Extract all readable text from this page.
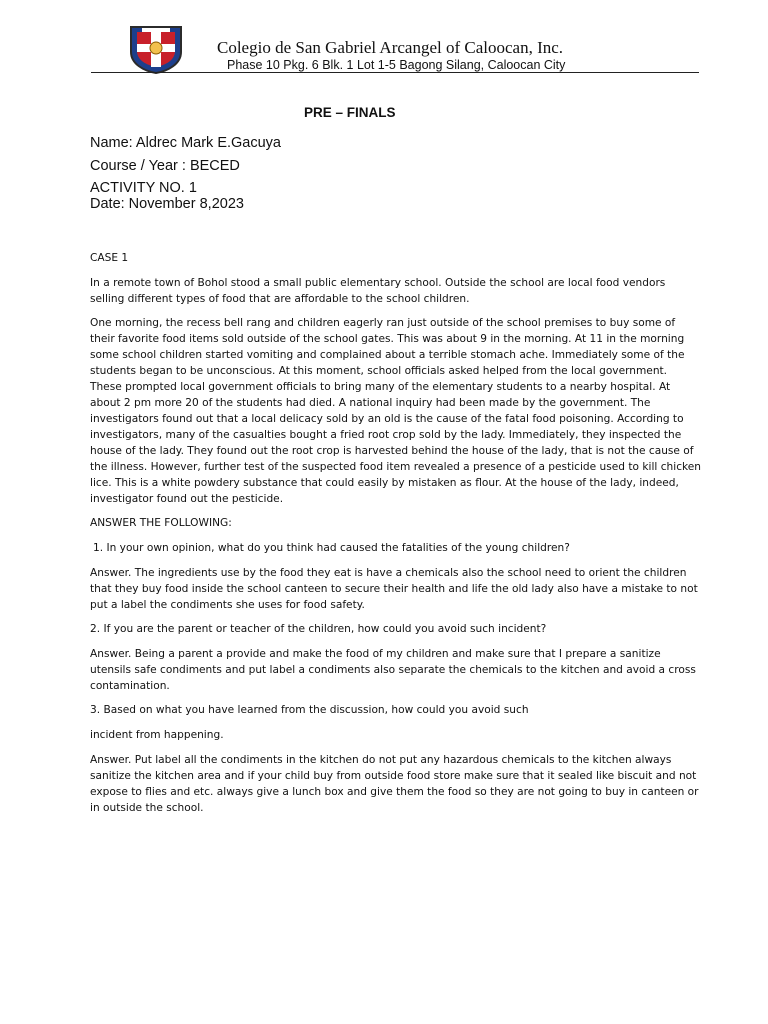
Colegio de San Gabriel Arcangel of Caloocan, Inc.
Phase 10 Pkg. 6 Blk. 1 Lot 1-5 Bagong Silang, Caloocan City
PRE – FINALS
Name: Aldrec Mark E.Gacuya
Course / Year : BECED
ACTIVITY NO. 1
Date: November 8,2023

CASE 1

In a remote town of Bohol stood a small public elementary school. Outside the school are local food vendors selling different types of food that are affordable to the school children.

One morning, the recess bell rang and children eagerly ran just outside of the school premises to buy some of their favorite food items sold outside of the school gates. This was about 9 in the morning. At 11 in the morning some school children started vomiting and complained about a terrible stomach ache. Immediately some of the students began to be unconscious. At this moment, school officials asked helped from the local government. These prompted local government officials to bring many of the elementary students to a nearby hospital. At about 2 pm more 20 of the students had died. A national inquiry had been made by the government. The investigators found out that a local delicacy sold by an old is the cause of the fatal food poisoning. According to investigators, many of the casualties bought a fried root crop sold by the lady. Immediately, they inspected the house of the lady. They found out the root crop is harvested behind the house of the lady, that is not the cause of the illness. However, further test of the suspected food item revealed a presence of a pesticide used to kill chicken lice. This is a white powdery substance that could easily by mistaken as flour. At the house of the lady, indeed, investigator found out the pesticide.

ANSWER THE FOLLOWING:

1. In your own opinion, what do you think had caused the fatalities of the young children?

Answer. The ingredients use by the food they eat is have a chemicals also the school need to orient the children that they buy food inside the school canteen to secure their health and life the old lady also have a mistake to not put a label the condiments she uses for food safety.

2. If you are the parent or teacher of the children, how could you avoid such incident?

Answer. Being a parent a provide and make the food of my children and make sure that I prepare a sanitize utensils safe condiments and put label a condiments also separate the chemicals to the kitchen and avoid a cross contamination.

3. Based on what you have learned from the discussion, how could you avoid such

incident from happening.

Answer. Put label all the condiments in the kitchen do not put any hazardous chemicals to the kitchen always sanitize the kitchen area and if your child buy from outside food store make sure that it sealed like biscuit and not expose to flies and etc. always give a lunch box and give them the food so they are not going to buy in canteen or in outside the school.
